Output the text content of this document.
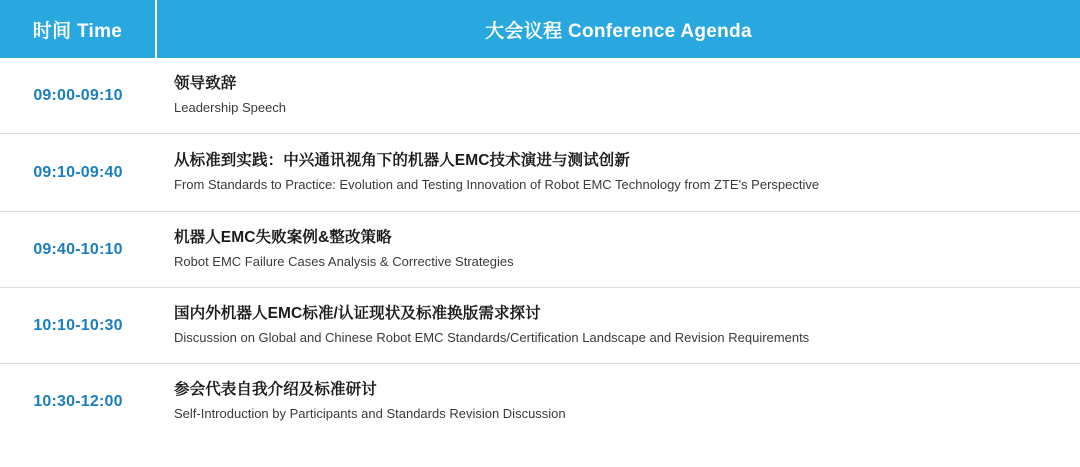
时间 Time	大会议程 Conference Agenda
09:00-09:10	领导致辞
Leadership Speech

09:10-09:40	从标准到实践：中兴通讯视角下的机器人EMC技术演进与测试创新
From Standards to Practice: Evolution and Testing Innovation of Robot EMC Technology from ZTE's Perspective

09:40-10:10	机器人EMC失败案例&整改策略
Robot EMC Failure Cases Analysis & Corrective Strategies

10:10-10:30	国内外机器人EMC标准/认证现状及标准换版需求探讨
Discussion on Global and Chinese Robot EMC Standards/Certification Landscape and Revision Requirements

10:30-12:00	参会代表自我介绍及标准研讨
Self-Introduction by Participants and Standards Revision Discussion
